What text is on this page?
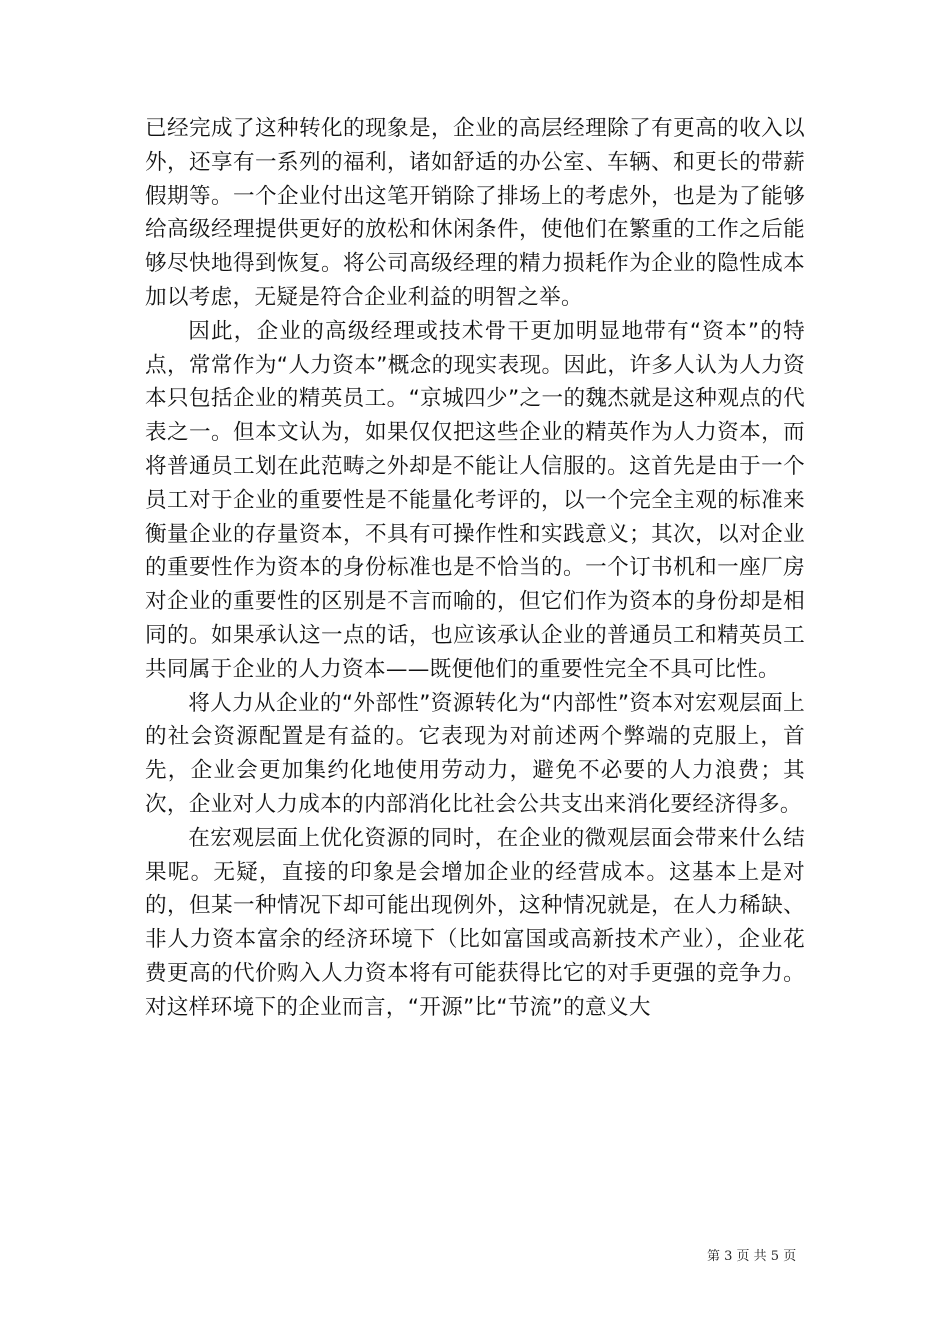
已经完成了这种转化的现象是，企业的高层经理除了有更高的收入以外，还享有一系列的福利，诸如舒适的办公室、车辆、和更长的带薪假期等。一个企业付出这笔开销除了排场上的考虑外，也是为了能够给高级经理提供更好的放松和休闲条件，使他们在繁重的工作之后能够尽快地得到恢复。将公司高级经理的精力损耗作为企业的隐性成本加以考虑，无疑是符合企业利益的明智之举。

因此，企业的高级经理或技术骨干更加明显地带有“资本”的特点，常常作为“人力资本”概念的现实表现。因此，许多人认为人力资本只包括企业的精英员工。“京城四少”之一的魏杰就是这种观点的代表之一。但本文认为，如果仅仅把这些企业的精英作为人力资本，而将普通员工划在此范畴之外却是不能让人信服的。这首先是由于一个员工对于企业的重要性是不能量化考评的，以一个完全主观的标准来衡量企业的存量资本，不具有可操作性和实践意义；其次，以对企业的重要性作为资本的身份标准也是不恰当的。一个订书机和一座厂房对企业的重要性的区别是不言而喻的，但它们作为资本的身份却是相同的。如果承认这一点的话，也应该承认企业的普通员工和精英员工共同属于企业的人力资本——既便他们的重要性完全不具可比性。

将人力从企业的“外部性”资源转化为“内部性”资本对宏观层面上的社会资源配置是有益的。它表现为对前述两个弊端的克服上，首先，企业会更加集约化地使用劳动力，避免不必要的人力浪费；其次，企业对人力成本的内部消化比社会公共支出来消化要经济得多。

在宏观层面上优化资源的同时，在企业的微观层面会带来什么结果呢。无疑，直接的印象是会增加企业的经营成本。这基本上是对的，但某一种情况下却可能出现例外，这种情况就是，在人力稀缺、非人力资本富余的经济环境下（比如富国或高新技术产业），企业花费更高的代价购入人力资本将有可能获得比它的对手更强的竞争力。对这样环境下的企业而言，“开源”比“节流”的意义大

第 3 页 共 5 页
